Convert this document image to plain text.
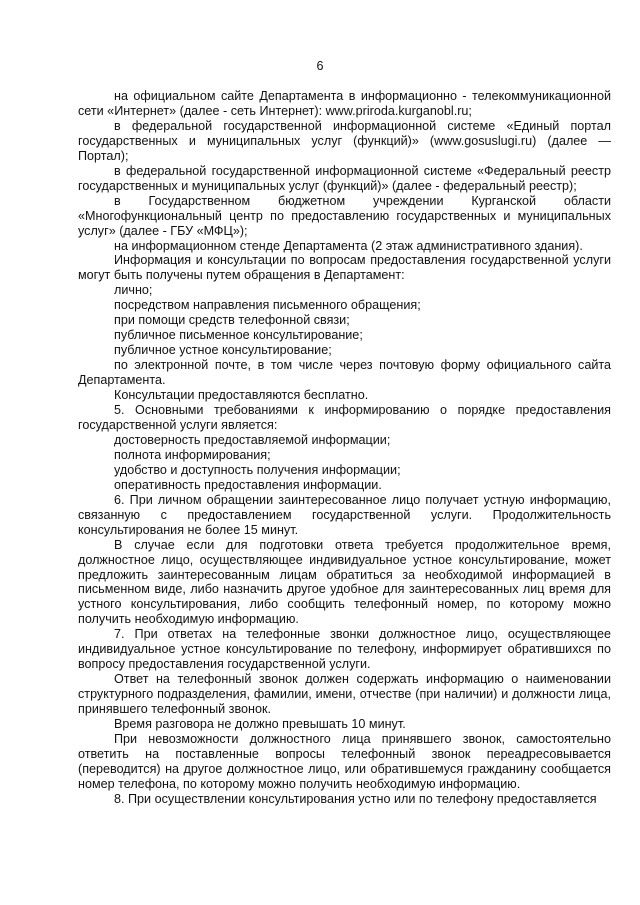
6

на официальном сайте Департамента в информационно - телекоммуникационной сети «Интернет» (далее - сеть Интернет): www.priroda.kurganobl.ru;

в федеральной государственной информационной системе «Единый портал государственных и муниципальных услуг (функций)» (www.gosuslugi.ru) (далее — Портал);

в федеральной государственной информационной системе «Федеральный реестр государственных и муниципальных услуг (функций)» (далее - федеральный реестр);

в Государственном бюджетном учреждении Курганской области «Многофункциональный центр по предоставлению государственных и муниципальных услуг» (далее - ГБУ «МФЦ»);

на информационном стенде Департамента (2 этаж административного здания).

Информация и консультации по вопросам предоставления государственной услуги могут быть получены путем обращения в Департамент:

лично;

посредством направления письменного обращения;

при помощи средств телефонной связи;

публичное письменное консультирование;

публичное устное консультирование;

по электронной почте, в том числе через почтовую форму официального сайта Департамента.

Консультации предоставляются бесплатно.

5. Основными требованиями к информированию о порядке предоставления государственной услуги является:

достоверность предоставляемой информации;

полнота информирования;

удобство и доступность получения информации;

оперативность предоставления информации.

6. При личном обращении заинтересованное лицо получает устную информацию, связанную с предоставлением государственной услуги. Продолжительность консультирования не более 15 минут.

В случае если для подготовки ответа требуется продолжительное время, должностное лицо, осуществляющее индивидуальное устное консультирование, может предложить заинтересованным лицам обратиться за необходимой информацией в письменном виде, либо назначить другое удобное для заинтересованных лиц время для устного консультирования, либо сообщить телефонный номер, по которому можно получить необходимую информацию.

7. При ответах на телефонные звонки должностное лицо, осуществляющее индивидуальное устное консультирование по телефону, информирует обратившихся по вопросу предоставления государственной услуги.

Ответ на телефонный звонок должен содержать информацию о наименовании структурного подразделения, фамилии, имени, отчестве (при наличии) и должности лица, принявшего телефонный звонок.

Время разговора не должно превышать 10 минут.

При невозможности должностного лица принявшего звонок, самостоятельно ответить на поставленные вопросы телефонный звонок переадресовывается (переводится) на другое должностное лицо, или обратившемуся гражданину сообщается номер телефона, по которому можно получить необходимую информацию.

8. При осуществлении консультирования устно или по телефону предоставляется
